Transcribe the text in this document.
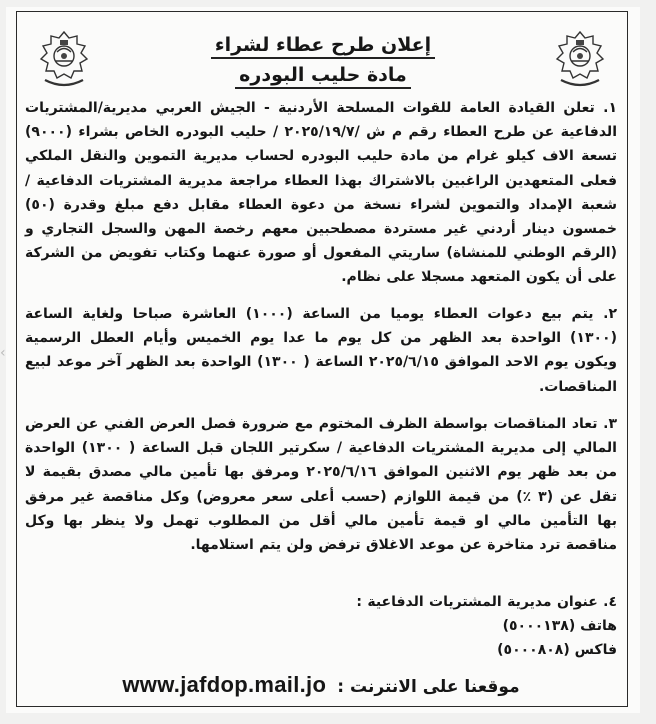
إعلان طرح عطاء لشراء
مادة حليب البودره
١. تعلن القيادة العامة للقوات المسلحة الأردنية - الجيش العربي مديرية/المشتريات الدفاعية عن طرح العطاء رقم م ش /٢٠٢٥/١٩/٧ / حليب البودره الخاص بشراء (٩٠٠٠) تسعة الاف كيلو غرام من مادة حليب البودره لحساب مديرية التموين والنقل الملكي فعلى المتعهدين الراغبين بالاشتراك بهذا العطاء مراجعة مديرية المشتريات الدفاعية / شعبة الإمداد والتموين لشراء نسخة من دعوة العطاء مقابل دفع مبلغ وقدرة (٥٠) خمسون دينار أردني غير مستردة مصطحبين معهم رخصة المهن والسجل التجاري و (الرقم الوطني للمنشاة) ساريتي المفعول أو صورة عنهما وكتاب تفويض من الشركة على أن يكون المتعهد مسجلا على نظام.
٢. يتم بيع دعوات العطاء يوميا من الساعة (١٠٠٠) العاشرة صباحا ولغاية الساعة (١٣٠٠) الواحدة بعد الظهر من كل يوم ما عدا يوم الخميس وأيام العطل الرسمية ويكون يوم الاحد الموافق ٢٠٢٥/٦/١٥ الساعة ( ١٣٠٠) الواحدة بعد الظهر آخر موعد لبيع المناقصات.
٣. تعاد المناقصات بواسطة الظرف المختوم مع ضرورة فصل العرض الفني عن العرض المالي إلى مديرية المشتريات الدفاعية / سكرتير اللجان قبل الساعة ( ١٣٠٠) الواحدة من بعد ظهر يوم الاثنين الموافق ٢٠٢٥/٦/١٦ ومرفق بها تأمين مالي مصدق بقيمة لا تقل عن (٣ ٪) من قيمة اللوازم (حسب أعلى سعر معروض) وكل مناقصة غير مرفق بها التأمين مالي او قيمة تأمين مالي أقل من المطلوب تهمل ولا ينظر بها وكل مناقصة ترد متاخرة عن موعد الاغلاق ترفض ولن يتم استلامها.
٤. عنوان مديرية المشتريات الدفاعية :
هاتف (٥٠٠٠١٣٨)
فاكس (٥٠٠٠٨٠٨)
موقعنا على الانترنت : www.jafdop.mail.jo
‹
